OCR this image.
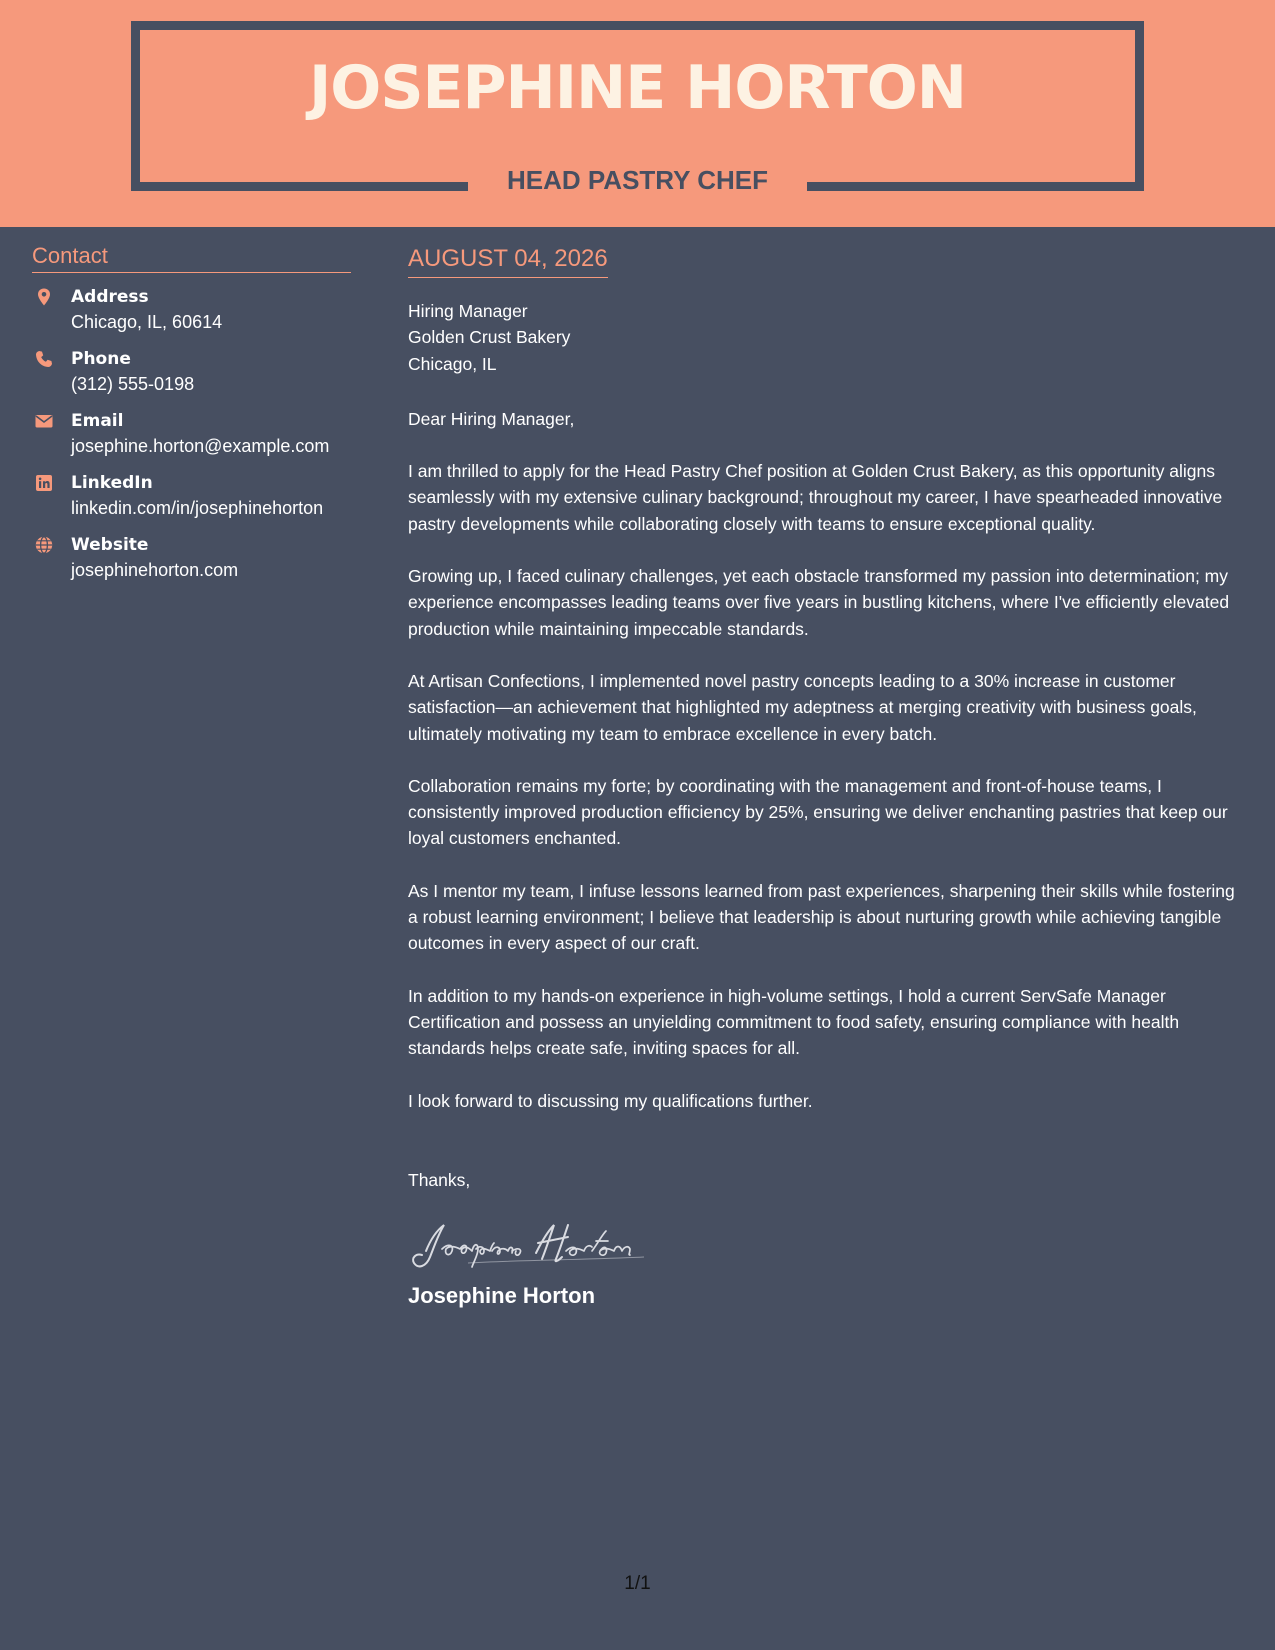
JOSEPHINE HORTON
HEAD PASTRY CHEF
Contact
Address
Chicago, IL, 60614
Phone
(312) 555-0198
Email
josephine.horton@example.com
LinkedIn
linkedin.com/in/josephinehorton
Website
josephinehorton.com
AUGUST 04, 2026
Hiring Manager
Golden Crust Bakery
Chicago, IL
Dear Hiring Manager,
I am thrilled to apply for the Head Pastry Chef position at Golden Crust Bakery, as this opportunity aligns seamlessly with my extensive culinary background; throughout my career, I have spearheaded innovative pastry developments while collaborating closely with teams to ensure exceptional quality.
Growing up, I faced culinary challenges, yet each obstacle transformed my passion into determination; my experience encompasses leading teams over five years in bustling kitchens, where I've efficiently elevated production while maintaining impeccable standards.
At Artisan Confections, I implemented novel pastry concepts leading to a 30% increase in customer satisfaction—an achievement that highlighted my adeptness at merging creativity with business goals, ultimately motivating my team to embrace excellence in every batch.
Collaboration remains my forte; by coordinating with the management and front-of-house teams, I consistently improved production efficiency by 25%, ensuring we deliver enchanting pastries that keep our loyal customers enchanted.
As I mentor my team, I infuse lessons learned from past experiences, sharpening their skills while fostering a robust learning environment; I believe that leadership is about nurturing growth while achieving tangible outcomes in every aspect of our craft.
In addition to my hands-on experience in high-volume settings, I hold a current ServSafe Manager Certification and possess an unyielding commitment to food safety, ensuring compliance with health standards helps create safe, inviting spaces for all.
I look forward to discussing my qualifications further.
Thanks,
Josephine Horton
1/1
